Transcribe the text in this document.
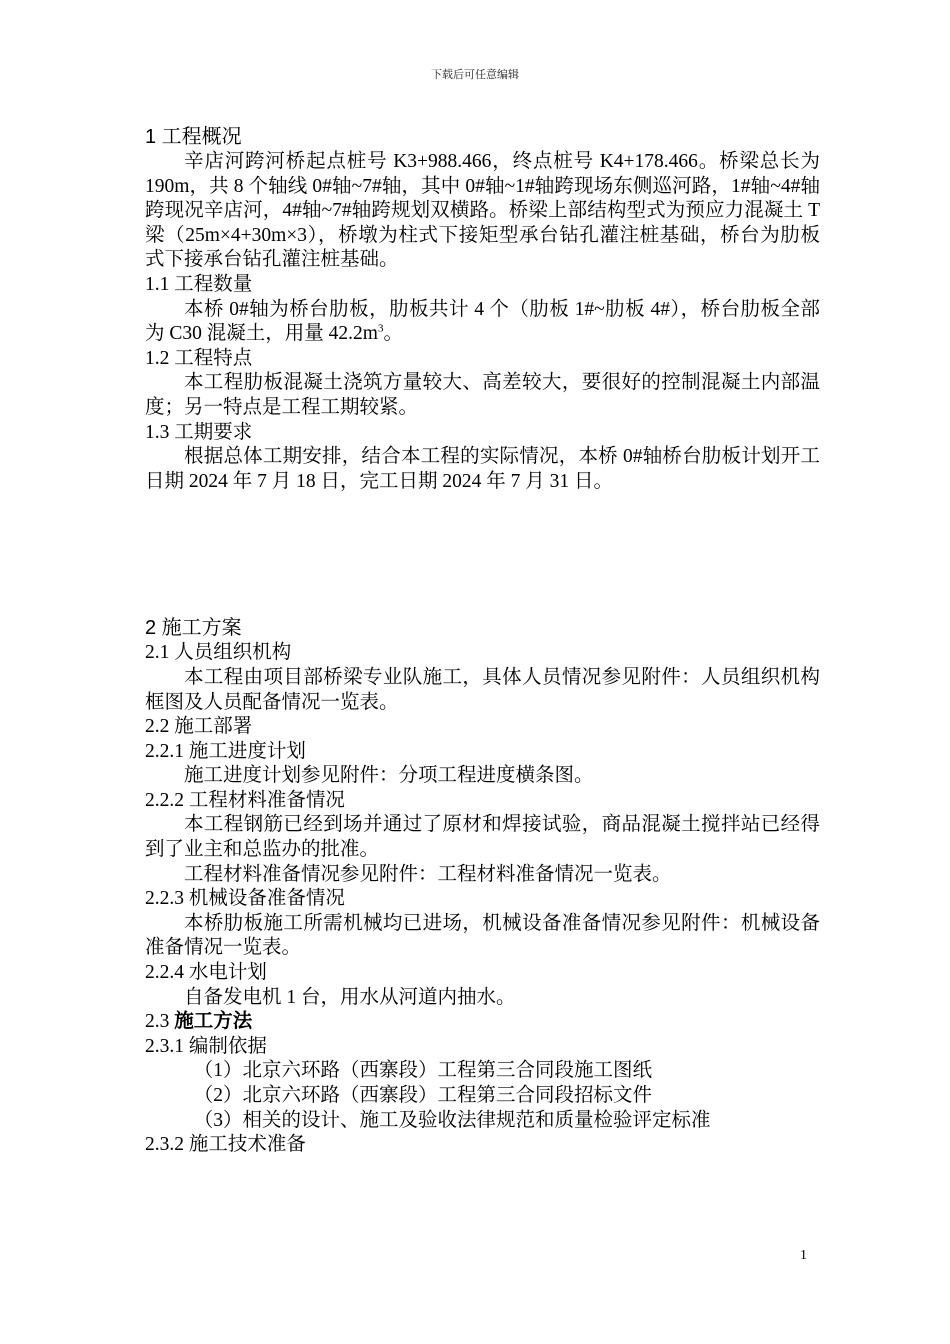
下载后可任意编辑

1 工程概况

辛店河跨河桥起点桩号 K3+988.466，终点桩号 K4+178.466。桥梁总长为 190m，共 8 个轴线 0#轴~7#轴，其中 0#轴~1#轴跨现场东侧巡河路，1#轴~4#轴跨现况辛店河，4#轴~7#轴跨规划双横路。桥梁上部结构型式为预应力混凝土 T 梁（25m×4+30m×3），桥墩为柱式下接矩型承台钻孔灌注桩基础，桥台为肋板式下接承台钻孔灌注桩基础。

1.1 工程数量

本桥 0#轴为桥台肋板，肋板共计 4 个（肋板 1#~肋板 4#），桥台肋板全部为 C30 混凝土，用量 $42.2m^3$。

1.2 工程特点

本工程肋板混凝土浇筑方量较大、高差较大，要很好的控制混凝土内部温度；另一特点是工程工期较紧。

1.3 工期要求

根据总体工期安排，结合本工程的实际情况，本桥 0#轴桥台肋板计划开工日期 2024 年 7 月 18 日，完工日期 2024 年 7 月 31 日。

2 施工方案

2.1 人员组织机构

本工程由项目部桥梁专业队施工，具体人员情况参见附件：人员组织机构框图及人员配备情况一览表。

2.2 施工部署

2.2.1 施工进度计划

施工进度计划参见附件：分项工程进度横条图。

2.2.2 工程材料准备情况

本工程钢筋已经到场并通过了原材和焊接试验，商品混凝土搅拌站已经得到了业主和总监办的批准。

工程材料准备情况参见附件：工程材料准备情况一览表。

2.2.3 机械设备准备情况

本桥肋板施工所需机械均已进场，机械设备准备情况参见附件：机械设备准备情况一览表。

2.2.4 水电计划

自备发电机 1 台，用水从河道内抽水。

2.3 施工方法

2.3.1 编制依据

（1）北京六环路（西寨段）工程第三合同段施工图纸

（2）北京六环路（西寨段）工程第三合同段招标文件

（3）相关的设计、施工及验收法律规范和质量检验评定标准

2.3.2 施工技术准备

1
